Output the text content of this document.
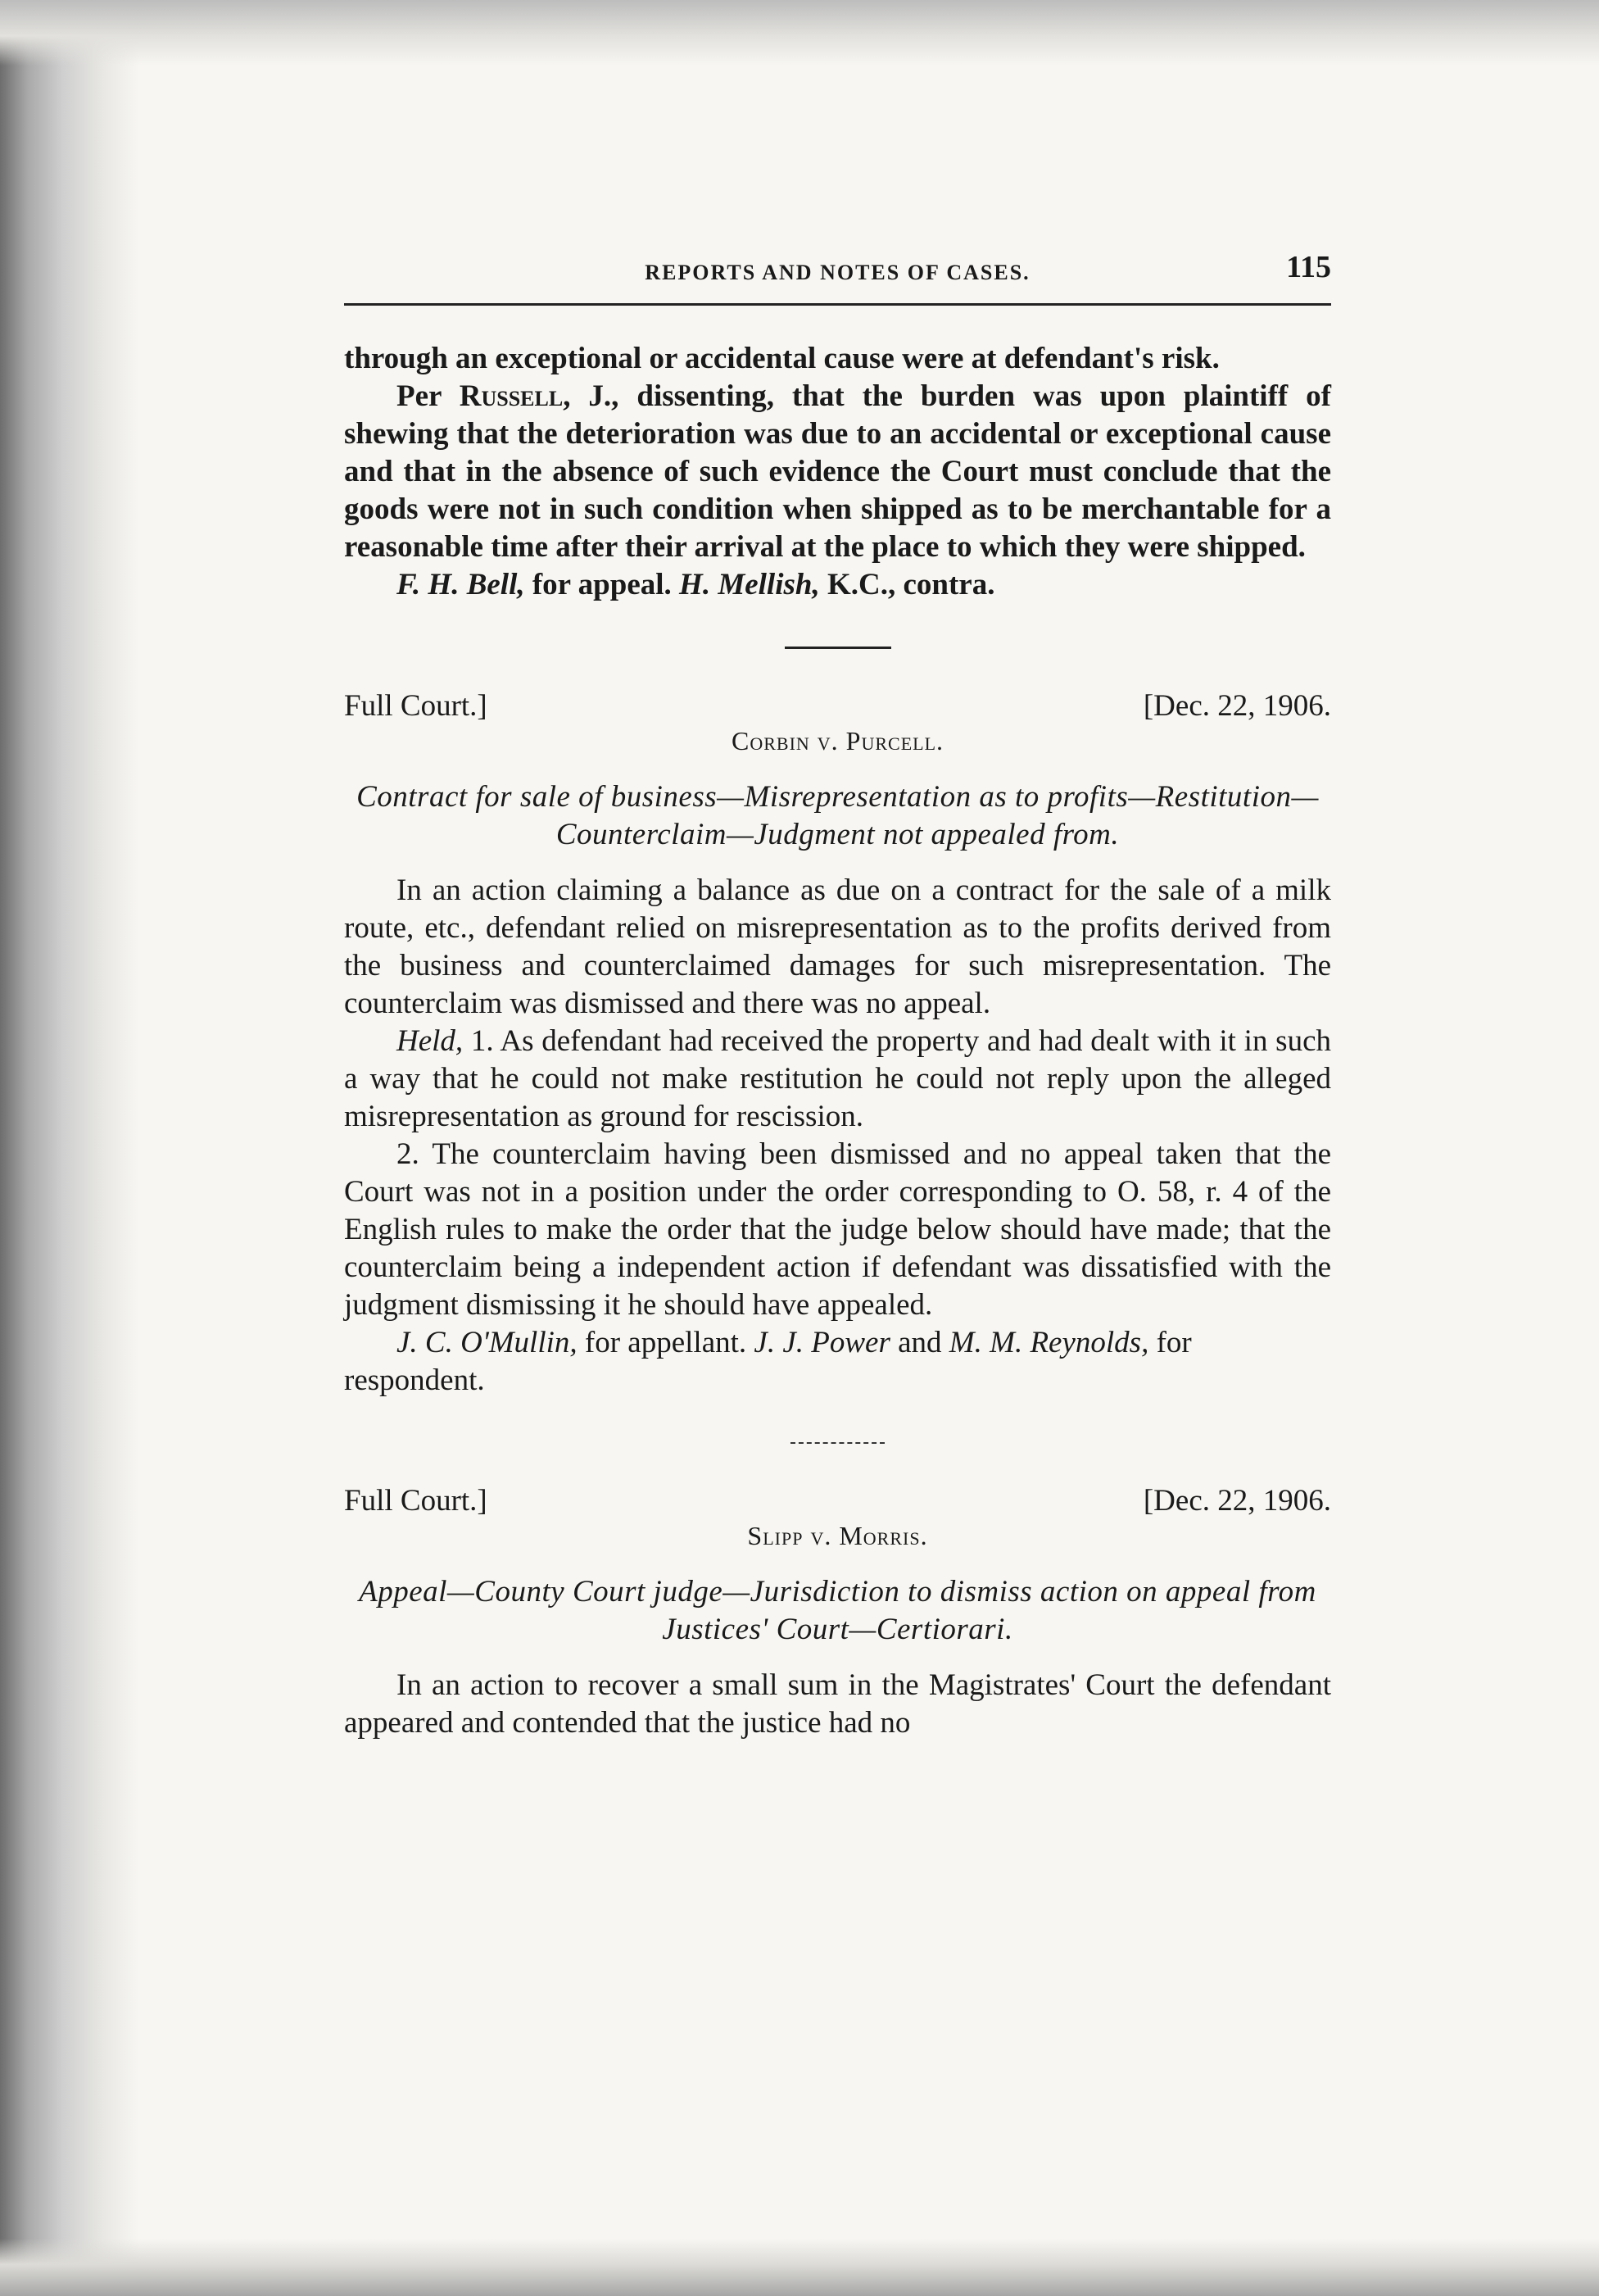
REPORTS AND NOTES OF CASES.	115

through an exceptional or accidental cause were at defendant's risk.

Per Russell, J., dissenting, that the burden was upon plaintiff of shewing that the deterioration was due to an accidental or exceptional cause and that in the absence of such evidence the Court must conclude that the goods were not in such condition when shipped as to be merchantable for a reasonable time after their arrival at the place to which they were shipped.

F. H. Bell, for appeal. H. Mellish, K.C., contra.

Full Court.]	[Dec. 22, 1906.
Corbin v. Purcell.
Contract for sale of business—Misrepresentation as to profits—Restitution—Counterclaim—Judgment not appealed from.

In an action claiming a balance as due on a contract for the sale of a milk route, etc., defendant relied on misrepresentation as to the profits derived from the business and counterclaimed damages for such misrepresentation. The counterclaim was dismissed and there was no appeal.

Held, 1. As defendant had received the property and had dealt with it in such a way that he could not make restitution he could not reply upon the alleged misrepresentation as ground for rescission.

2. The counterclaim having been dismissed and no appeal taken that the Court was not in a position under the order corresponding to O. 58, r. 4 of the English rules to make the order that the judge below should have made; that the counterclaim being a independent action if defendant was dissatisfied with the judgment dismissing it he should have appealed.

J. C. O'Mullin, for appellant. J. J. Power and M. M. Reynolds, for respondent.

Full Court.]	[Dec. 22, 1906.
Slipp v. Morris.
Appeal—County Court judge—Jurisdiction to dismiss action on appeal from Justices' Court—Certiorari.

In an action to recover a small sum in the Magistrates' Court the defendant appeared and contended that the justice had no
